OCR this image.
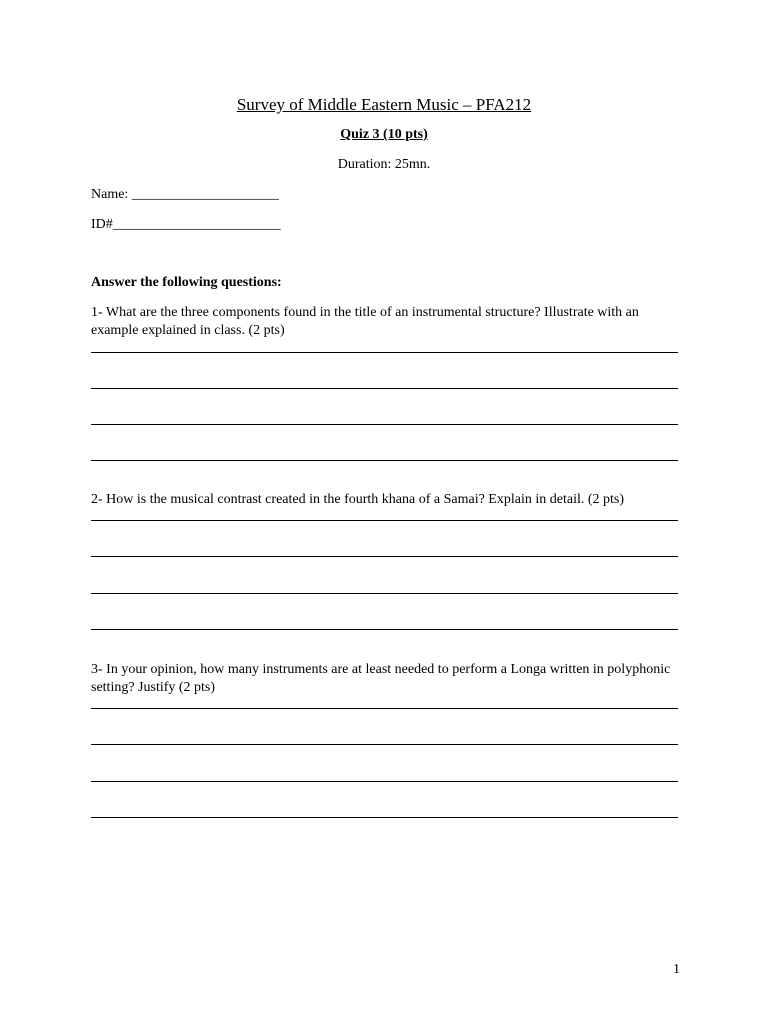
Survey of Middle Eastern Music – PFA212
Quiz 3 (10 pts)
Duration: 25mn.
Name: _____________________
ID#________________________
Answer the following questions:
1- What are the three components found in the title of an instrumental structure? Illustrate with an example explained in class. (2 pts)
2- How is the musical contrast created in the fourth khana of a Samai? Explain in detail. (2 pts)
3- In your opinion, how many instruments are at least needed to perform a Longa written in polyphonic setting? Justify (2 pts)
1
